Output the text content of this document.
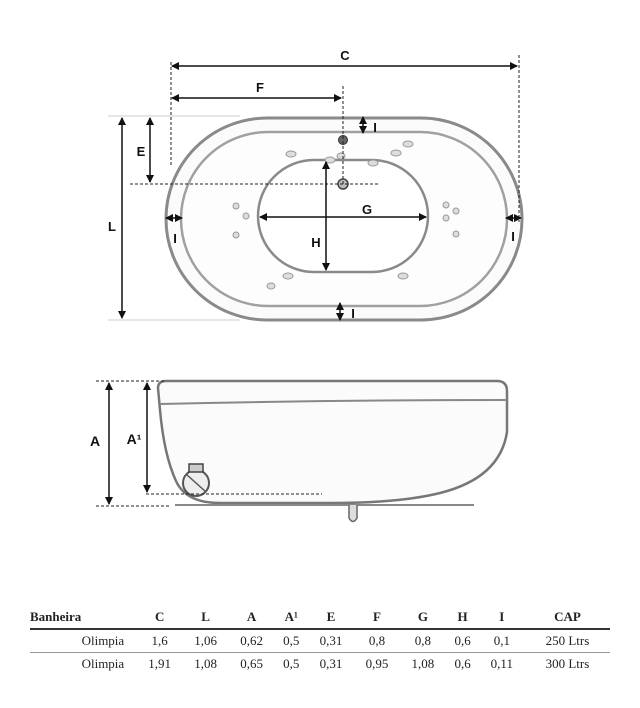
C
F
E
L
G
H
I
I	I
I
A A¹
Banheira	C	L	A	A¹	E	F	G	H	I	CAP
Olimpia	1,6	1,06	0,62	0,5	0,31	0,8	0,8	0,6	0,1	250 Ltrs
Olimpia	1,91	1,08	0,65	0,5	0,31	0,95	1,08	0,6	0,11	300 Ltrs
